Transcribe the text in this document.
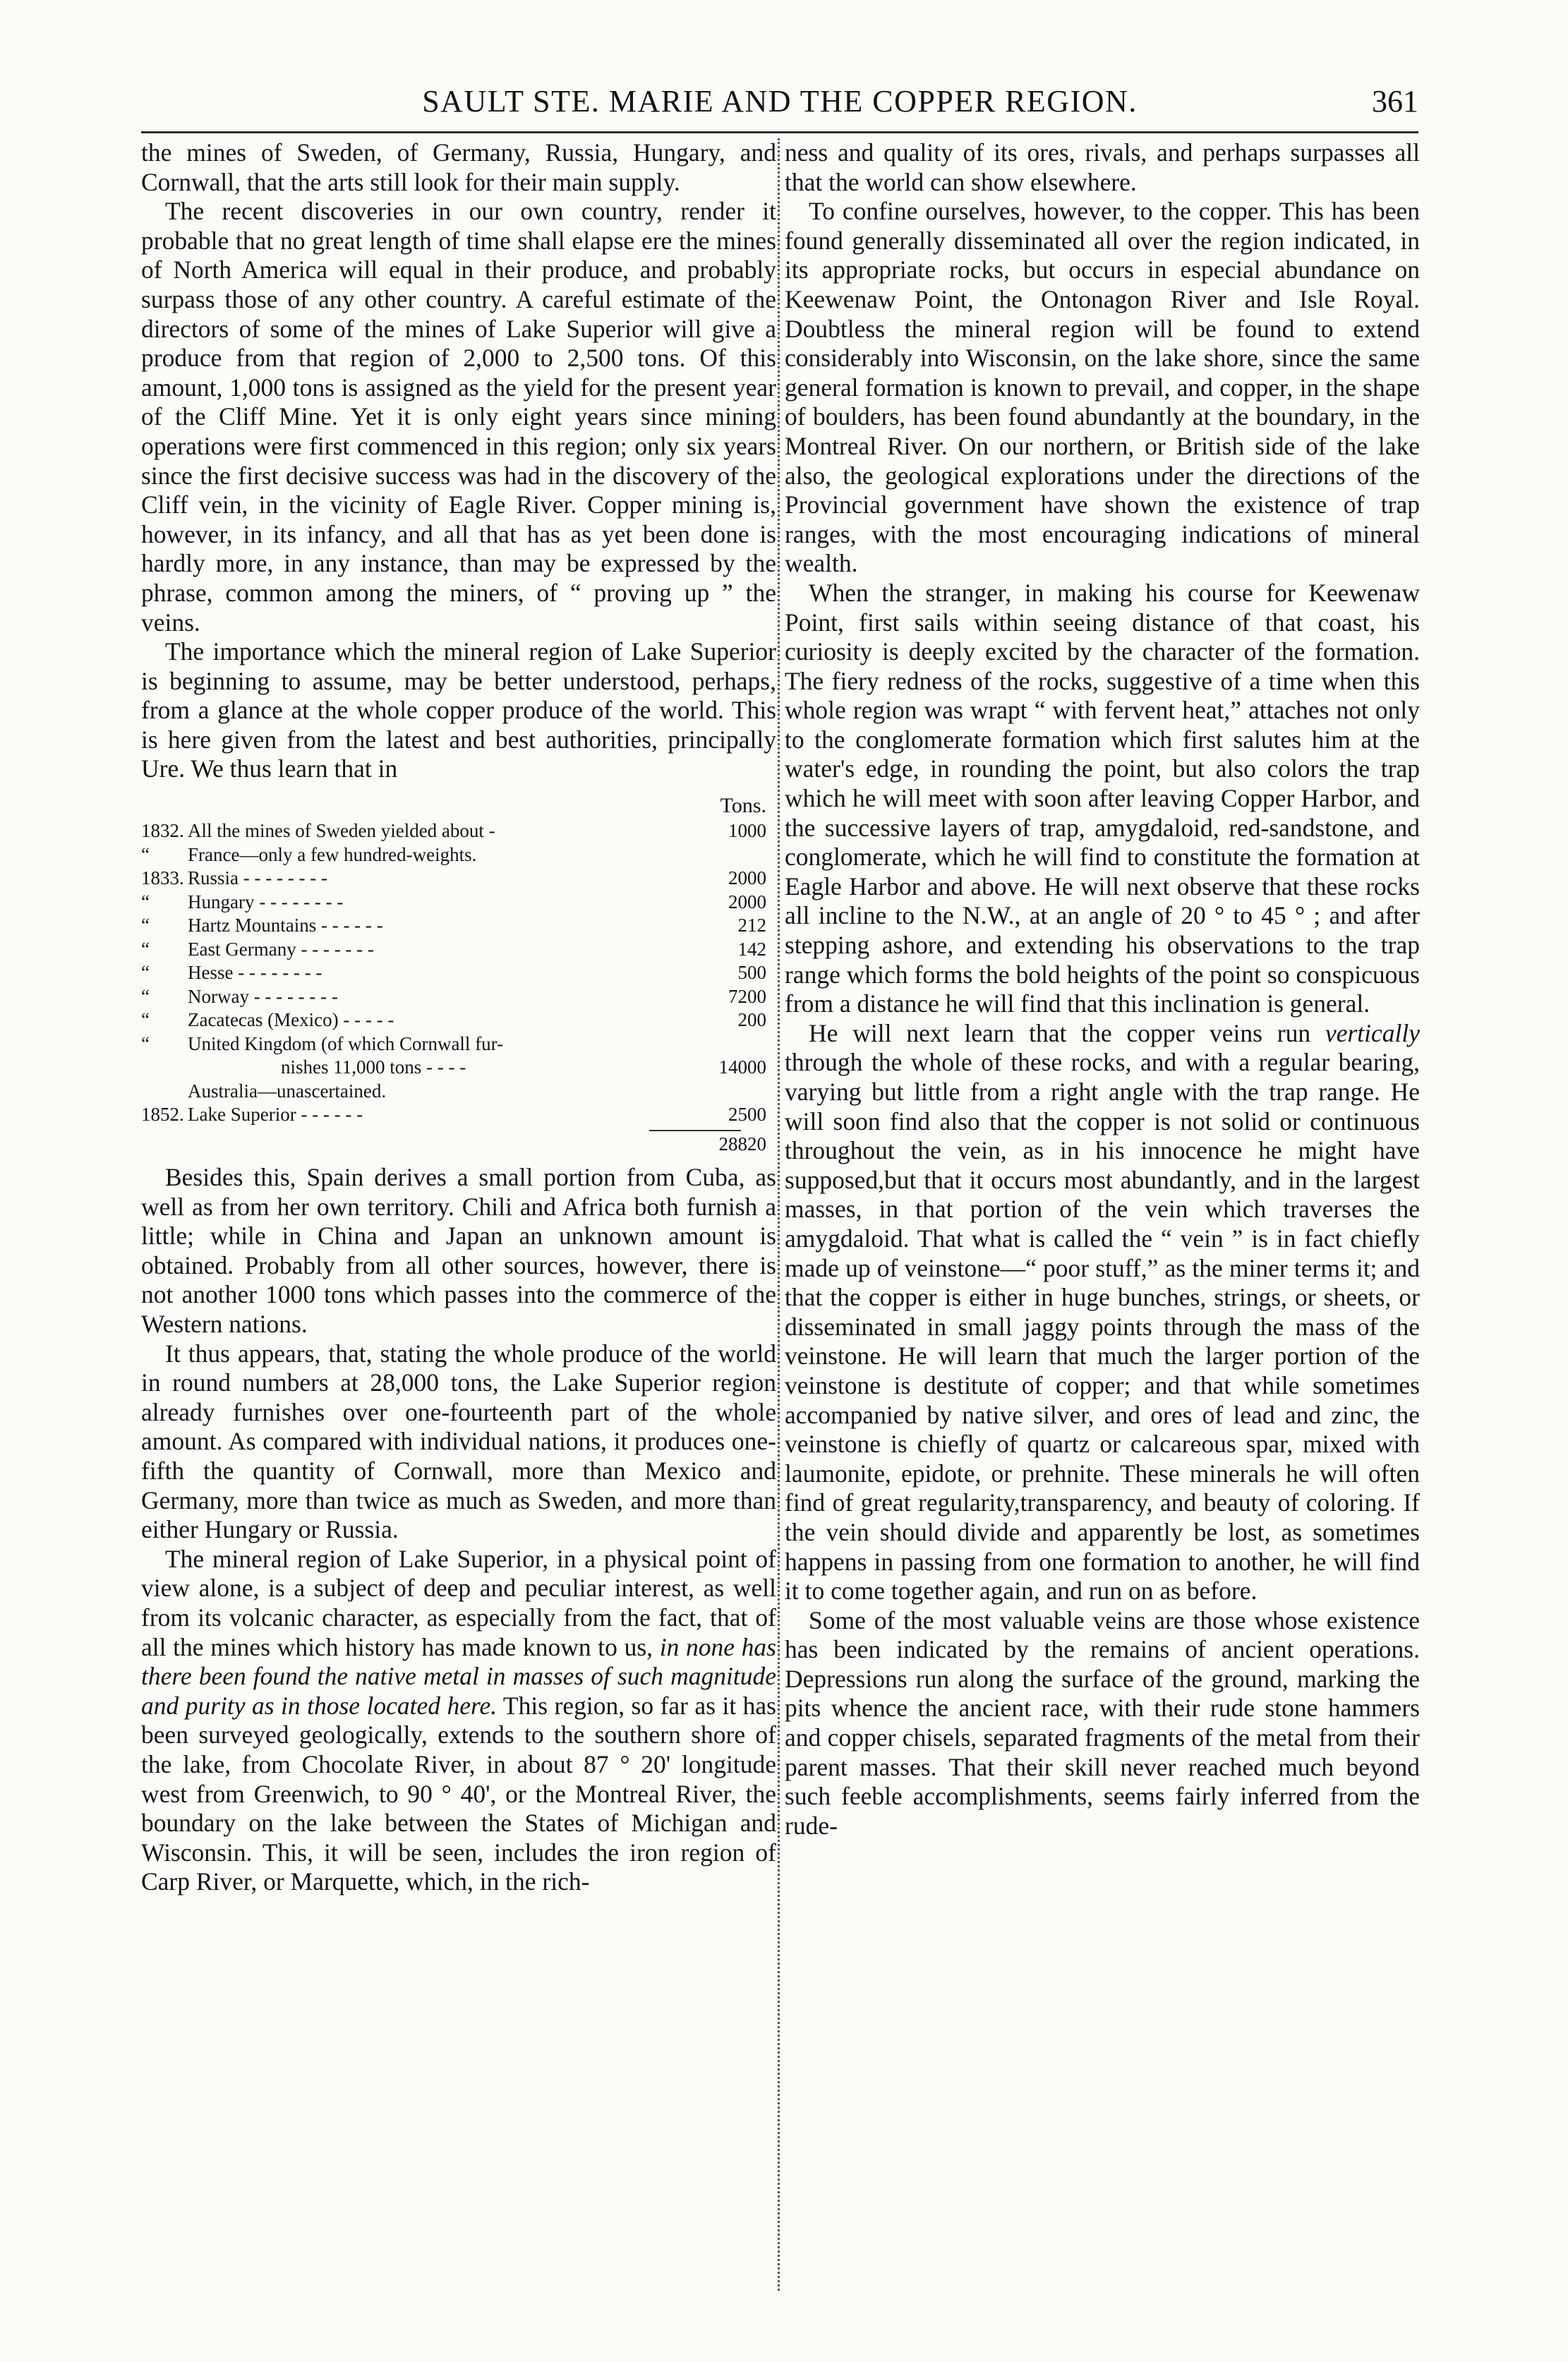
SAULT STE. MARIE AND THE COPPER REGION.	361

the mines of Sweden, of Germany, Russia, Hungary, and Cornwall, that the arts still look for their main supply.

The recent discoveries in our own country, render it probable that no great length of time shall elapse ere the mines of North America will equal in their produce, and probably surpass those of any other country. A careful estimate of the directors of some of the mines of Lake Superior will give a produce from that region of 2,000 to 2,500 tons. Of this amount, 1,000 tons is assigned as the yield for the present year of the Cliff Mine. Yet it is only eight years since mining operations were first commenced in this region; only six years since the first decisive success was had in the discovery of the Cliff vein, in the vicinity of Eagle River. Copper mining is, however, in its infancy, and all that has as yet been done is hardly more, in any instance, than may be expressed by the phrase, common among the miners, of “ proving up ” the veins.

The importance which the mineral region of Lake Superior is beginning to assume, may be better understood, perhaps, from a glance at the whole copper produce of the world. This is here given from the latest and best authorities, principally Ure. We thus learn that in

Tons.
1832. All the mines of Sweden yielded about -	1000
“	France—only a few hundred-weights.
1833. Russia - - - - - - - -	2000
“	Hungary - - - - - - - -	2000
“	Hartz Mountains - - - - - -	212
“	East Germany - - - - - - -	142
“	Hesse - - - - - - - -	500
“	Norway - - - - - - - -	7200
“	Zacatecas (Mexico) - - - - -	200
“	United Kingdom (of which Cornwall fur-
nishes 11,000 tons - - - -	14000
Australia—unascertained.
1852. Lake Superior - - - - - -	2500
28820

Besides this, Spain derives a small portion from Cuba, as well as from her own territory. Chili and Africa both furnish a little; while in China and Japan an unknown amount is obtained. Probably from all other sources, however, there is not another 1000 tons which passes into the commerce of the Western nations.

It thus appears, that, stating the whole produce of the world in round numbers at 28,000 tons, the Lake Superior region already furnishes over one-fourteenth part of the whole amount. As compared with individual nations, it produces one-fifth the quantity of Cornwall, more than Mexico and Germany, more than twice as much as Sweden, and more than either Hungary or Russia.

The mineral region of Lake Superior, in a physical point of view alone, is a subject of deep and peculiar interest, as well from its volcanic character, as especially from the fact, that of all the mines which history has made known to us, in none has there been found the native metal in masses of such magnitude and purity as in those located here. This region, so far as it has been surveyed geologically, extends to the southern shore of the lake, from Chocolate River, in about 87 ° 20' longitude west from Greenwich, to 90 ° 40', or the Montreal River, the boundary on the lake between the States of Michigan and Wisconsin. This, it will be seen, includes the iron region of Carp River, or Marquette, which, in the rich-

ness and quality of its ores, rivals, and perhaps surpasses all that the world can show elsewhere.

To confine ourselves, however, to the copper. This has been found generally disseminated all over the region indicated, in its appropriate rocks, but occurs in especial abundance on Keewenaw Point, the Ontonagon River and Isle Royal. Doubtless the mineral region will be found to extend considerably into Wisconsin, on the lake shore, since the same general formation is known to prevail, and copper, in the shape of boulders, has been found abundantly at the boundary, in the Montreal River. On our northern, or British side of the lake also, the geological explorations under the directions of the Provincial government have shown the existence of trap ranges, with the most encouraging indications of mineral wealth.

When the stranger, in making his course for Keewenaw Point, first sails within seeing distance of that coast, his curiosity is deeply excited by the character of the formation. The fiery redness of the rocks, suggestive of a time when this whole region was wrapt “ with fervent heat,” attaches not only to the conglomerate formation which first salutes him at the water's edge, in rounding the point, but also colors the trap which he will meet with soon after leaving Copper Harbor, and the successive layers of trap, amygdaloid, red-sandstone, and conglomerate, which he will find to constitute the formation at Eagle Harbor and above. He will next observe that these rocks all incline to the N.W., at an angle of 20 ° to 45 ° ; and after stepping ashore, and extending his observations to the trap range which forms the bold heights of the point so conspicuous from a distance he will find that this inclination is general.

He will next learn that the copper veins run vertically through the whole of these rocks, and with a regular bearing, varying but little from a right angle with the trap range. He will soon find also that the copper is not solid or continuous throughout the vein, as in his innocence he might have supposed,but that it occurs most abundantly, and in the largest masses, in that portion of the vein which traverses the amygdaloid. That what is called the “ vein ” is in fact chiefly made up of veinstone—“ poor stuff,” as the miner terms it; and that the copper is either in huge bunches, strings, or sheets, or disseminated in small jaggy points through the mass of the veinstone. He will learn that much the larger portion of the veinstone is destitute of copper; and that while sometimes accompanied by native silver, and ores of lead and zinc, the veinstone is chiefly of quartz or calcareous spar, mixed with laumonite, epidote, or prehnite. These minerals he will often find of great regularity,transparency, and beauty of coloring. If the vein should divide and apparently be lost, as sometimes happens in passing from one formation to another, he will find it to come together again, and run on as before.

Some of the most valuable veins are those whose existence has been indicated by the remains of ancient operations. Depressions run along the surface of the ground, marking the pits whence the ancient race, with their rude stone hammers and copper chisels, separated fragments of the metal from their parent masses. That their skill never reached much beyond such feeble accomplishments, seems fairly inferred from the rude-
